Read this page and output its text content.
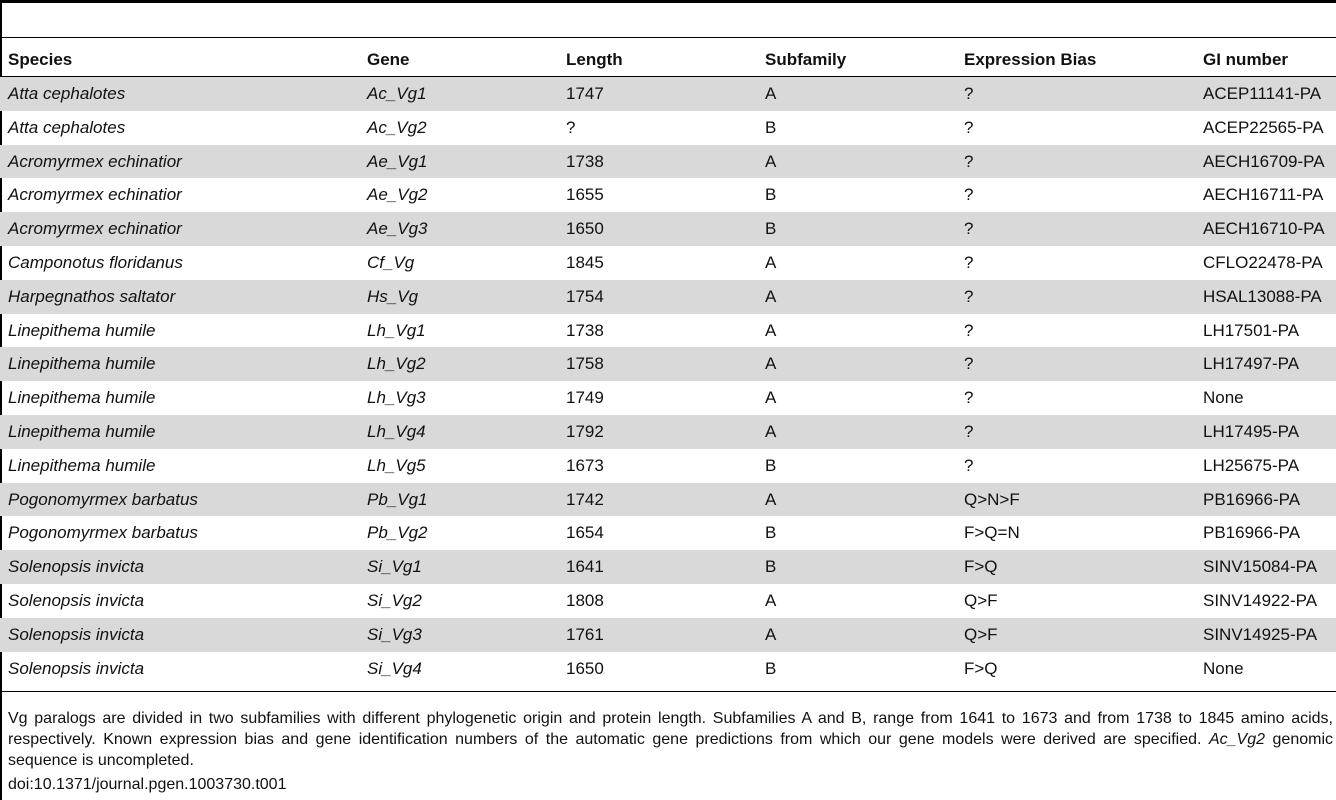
Species	Gene	Length	Subfamily	Expression Bias	GI number
Atta cephalotes	Ac_Vg1	1747	A	?	ACEP11141-PA
Atta cephalotes	Ac_Vg2	?	B	?	ACEP22565-PA
Acromyrmex echinatior	Ae_Vg1	1738	A	?	AECH16709-PA
Acromyrmex echinatior	Ae_Vg2	1655	B	?	AECH16711-PA
Acromyrmex echinatior	Ae_Vg3	1650	B	?	AECH16710-PA
Camponotus floridanus	Cf_Vg	1845	A	?	CFLO22478-PA
Harpegnathos saltator	Hs_Vg	1754	A	?	HSAL13088-PA
Linepithema humile	Lh_Vg1	1738	A	?	LH17501-PA
Linepithema humile	Lh_Vg2	1758	A	?	LH17497-PA
Linepithema humile	Lh_Vg3	1749	A	?	None
Linepithema humile	Lh_Vg4	1792	A	?	LH17495-PA
Linepithema humile	Lh_Vg5	1673	B	?	LH25675-PA
Pogonomyrmex barbatus	Pb_Vg1	1742	A	Q>N>F	PB16966-PA
Pogonomyrmex barbatus	Pb_Vg2	1654	B	F>Q=N	PB16966-PA
Solenopsis invicta	Si_Vg1	1641	B	F>Q	SINV15084-PA
Solenopsis invicta	Si_Vg2	1808	A	Q>F	SINV14922-PA
Solenopsis invicta	Si_Vg3	1761	A	Q>F	SINV14925-PA
Solenopsis invicta	Si_Vg4	1650	B	F>Q	None
Vg paralogs are divided in two subfamilies with different phylogenetic origin and protein length. Subfamilies A and B, range from 1641 to 1673 and from 1738 to 1845 amino acids, respectively. Known expression bias and gene identification numbers of the automatic gene predictions from which our gene models were derived are specified. Ac_Vg2 genomic sequence is uncompleted.
doi:10.1371/journal.pgen.1003730.t001
